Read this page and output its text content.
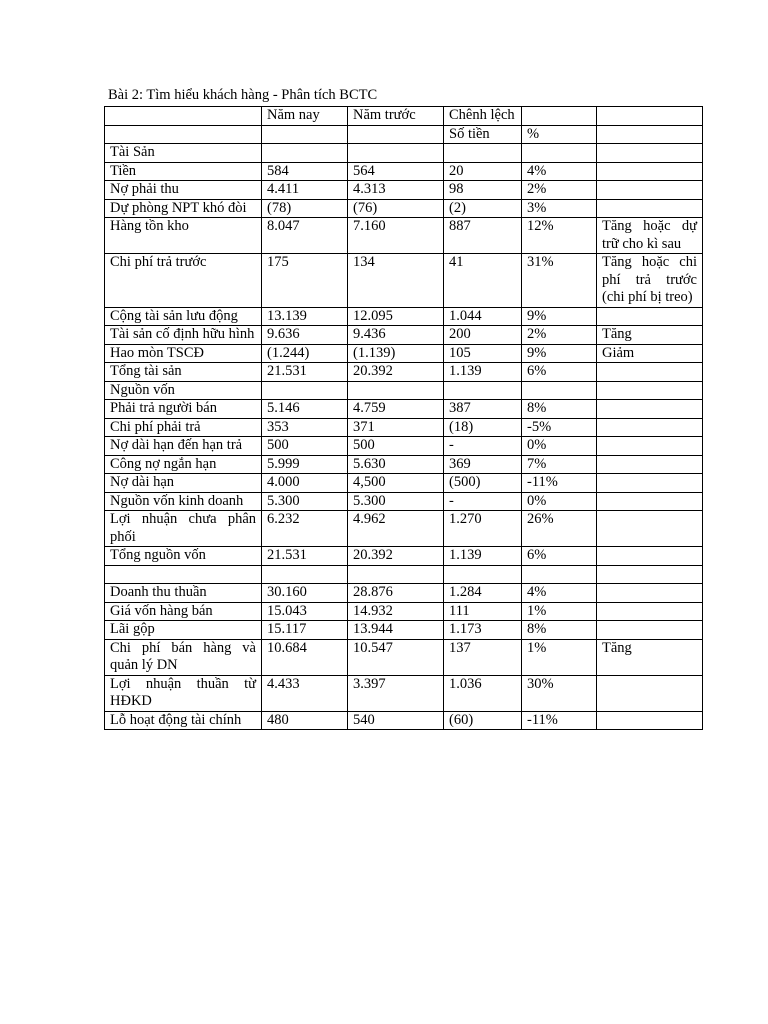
Bài 2: Tìm hiểu khách hàng - Phân tích BCTC
	Năm nay	Năm trước	Chênh lệch		
			Số tiền	%	
Tài Sản					
Tiền	584	564	20	4%	
Nợ phải thu	4.411	4.313	98	2%	
Dự phòng NPT khó đòi	(78)	(76)	(2)	3%	
Hàng tồn kho	8.047	7.160	887	12%	Tăng hoặc dự trữ cho kì sau
Chi phí trả trước	175	134	41	31%	Tăng hoặc chi phí trả trước (chi phí bị treo)
Cộng tài sản lưu động	13.139	12.095	1.044	9%	
Tài sản cố định hữu hình	9.636	9.436	200	2%	Tăng
Hao mòn TSCĐ	(1.244)	(1.139)	105	9%	Giảm
Tổng tài sản	21.531	20.392	1.139	6%	
Nguồn vốn					
Phải trả người bán	5.146	4.759	387	8%	
Chi phí phải trả	353	371	(18)	-5%	
Nợ dài hạn đến hạn trả	500	500	-	0%	
Công nợ ngắn hạn	5.999	5.630	369	7%	
Nợ dài hạn	4.000	4,500	(500)	-11%	
Nguồn vốn kinh doanh	5.300	5.300	-	0%	
Lợi nhuận chưa phân phối	6.232	4.962	1.270	26%	
Tổng nguồn vốn	21.531	20.392	1.139	6%	

Doanh thu thuần	30.160	28.876	1.284	4%	
Giá vốn hàng bán	15.043	14.932	111	1%	
Lãi gộp	15.117	13.944	1.173	8%	
Chi phí bán hàng và quản lý DN	10.684	10.547	137	1%	Tăng
Lợi nhuận thuần từ HĐKD	4.433	3.397	1.036	30%	
Lỗ hoạt động tài chính	480	540	(60)	-11%	
